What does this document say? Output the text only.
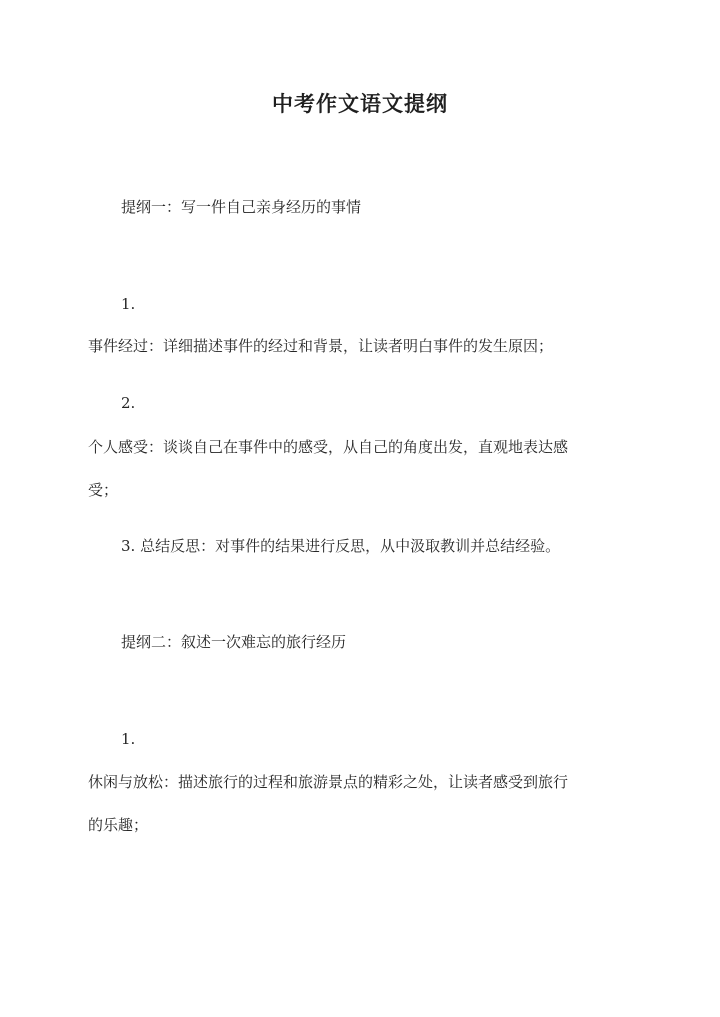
中考作文语文提纲
提纲一：写一件自己亲身经历的事情
1.
事件经过：详细描述事件的经过和背景，让读者明白事件的发生原因；
2.
个人感受：谈谈自己在事件中的感受，从自己的角度出发，直观地表达感
受；
3. 总结反思：对事件的结果进行反思，从中汲取教训并总结经验。
提纲二：叙述一次难忘的旅行经历
1.
休闲与放松：描述旅行的过程和旅游景点的精彩之处，让读者感受到旅行
的乐趣；
